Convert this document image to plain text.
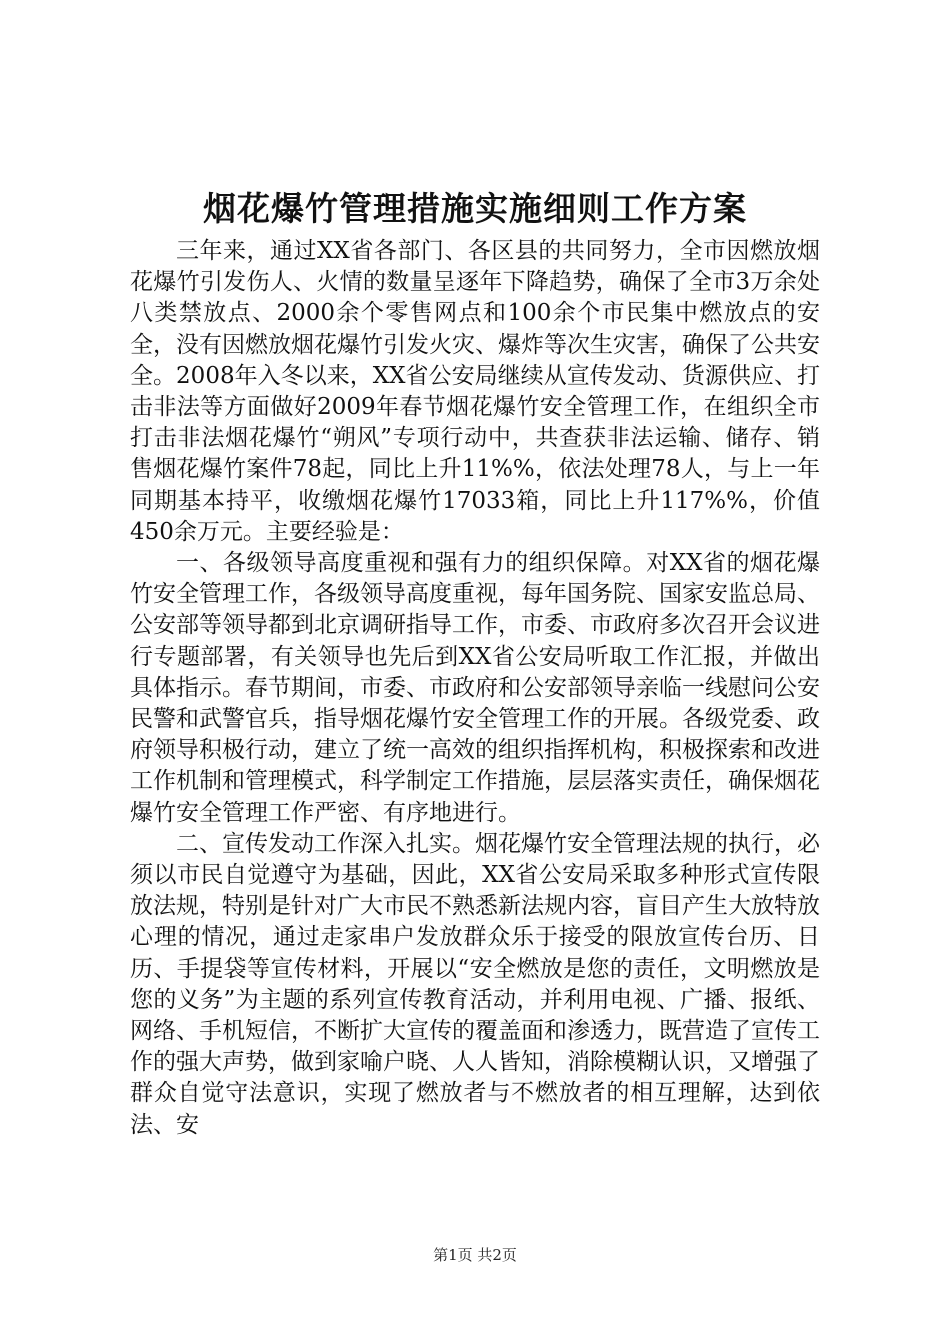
烟花爆竹管理措施实施细则工作方案

三年来，通过XX省各部门、各区县的共同努力，全市因燃放烟花爆竹引发伤人、火情的数量呈逐年下降趋势，确保了全市3万余处八类禁放点、2000余个零售网点和100余个市民集中燃放点的安全，没有因燃放烟花爆竹引发火灾、爆炸等次生灾害，确保了公共安全。2008年入冬以来，XX省公安局继续从宣传发动、货源供应、打击非法等方面做好2009年春节烟花爆竹安全管理工作，在组织全市打击非法烟花爆竹“朔风”专项行动中，共查获非法运输、储存、销售烟花爆竹案件78起，同比上升11%%，依法处理78人，与上一年同期基本持平，收缴烟花爆竹17033箱，同比上升117%%，价值450余万元。主要经验是：

一、各级领导高度重视和强有力的组织保障。对XX省的烟花爆竹安全管理工作，各级领导高度重视，每年国务院、国家安监总局、公安部等领导都到北京调研指导工作，市委、市政府多次召开会议进行专题部署，有关领导也先后到XX省公安局听取工作汇报，并做出具体指示。春节期间，市委、市政府和公安部领导亲临一线慰问公安民警和武警官兵，指导烟花爆竹安全管理工作的开展。各级党委、政府领导积极行动，建立了统一高效的组织指挥机构，积极探索和改进工作机制和管理模式，科学制定工作措施，层层落实责任，确保烟花爆竹安全管理工作严密、有序地进行。

二、宣传发动工作深入扎实。烟花爆竹安全管理法规的执行，必须以市民自觉遵守为基础，因此，XX省公安局采取多种形式宣传限放法规，特别是针对广大市民不熟悉新法规内容，盲目产生大放特放心理的情况，通过走家串户发放群众乐于接受的限放宣传台历、日历、手提袋等宣传材料，开展以“安全燃放是您的责任，文明燃放是您的义务”为主题的系列宣传教育活动，并利用电视、广播、报纸、网络、手机短信，不断扩大宣传的覆盖面和渗透力，既营造了宣传工作的强大声势，做到家喻户晓、人人皆知，消除模糊认识，又增强了群众自觉守法意识，实现了燃放者与不燃放者的相互理解，达到依法、安

第1页 共2页
